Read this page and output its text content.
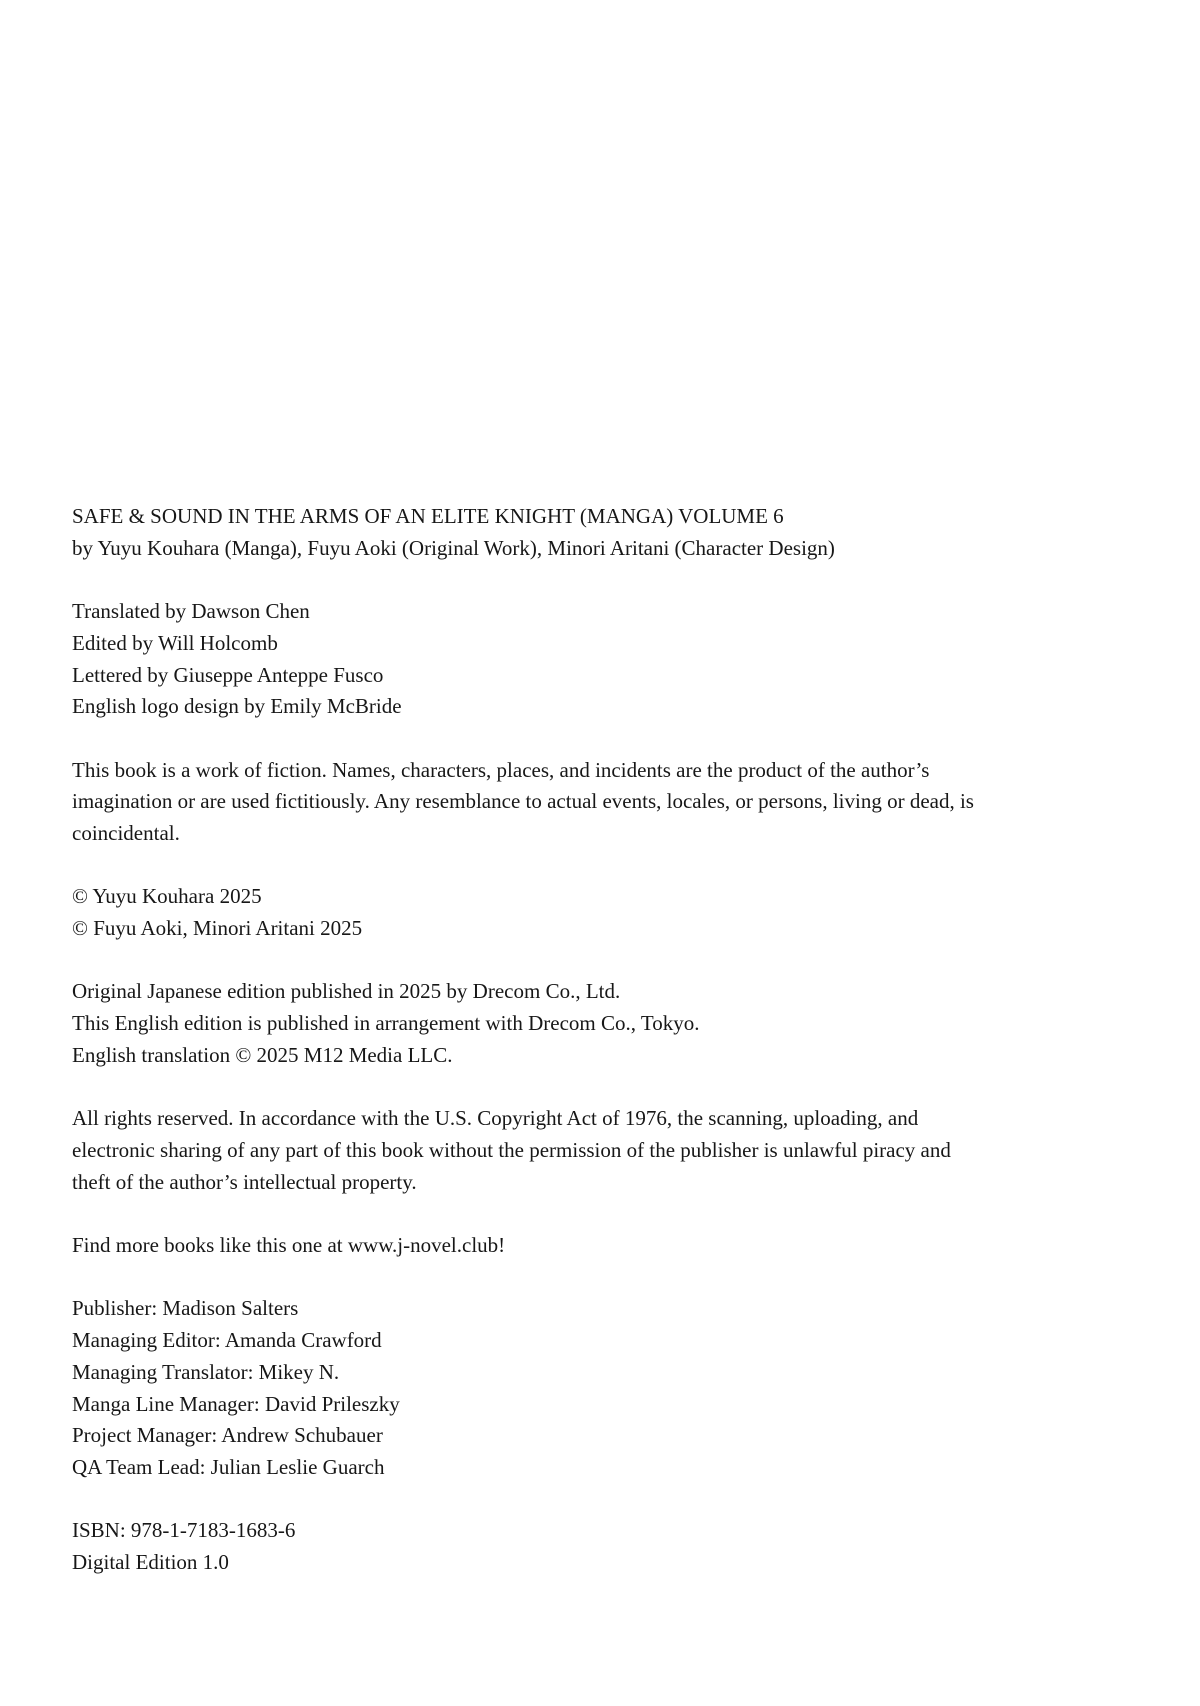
SAFE & SOUND IN THE ARMS OF AN ELITE KNIGHT (MANGA) VOLUME 6
by Yuyu Kouhara (Manga), Fuyu Aoki (Original Work), Minori Aritani (Character Design)

Translated by Dawson Chen
Edited by Will Holcomb
Lettered by Giuseppe Anteppe Fusco
English logo design by Emily McBride

This book is a work of fiction. Names, characters, places, and incidents are the product of the author’s imagination or are used fictitiously. Any resemblance to actual events, locales, or persons, living or dead, is coincidental.

© Yuyu Kouhara 2025
© Fuyu Aoki, Minori Aritani 2025

Original Japanese edition published in 2025 by Drecom Co., Ltd.
This English edition is published in arrangement with Drecom Co., Tokyo.
English translation © 2025 M12 Media LLC.

All rights reserved. In accordance with the U.S. Copyright Act of 1976, the scanning, uploading, and electronic sharing of any part of this book without the permission of the publisher is unlawful piracy and theft of the author’s intellectual property.

Find more books like this one at www.j-novel.club!

Publisher: Madison Salters
Managing Editor: Amanda Crawford
Managing Translator: Mikey N.
Manga Line Manager: David Prileszky
Project Manager: Andrew Schubauer
QA Team Lead: Julian Leslie Guarch

ISBN: 978-1-7183-1683-6
Digital Edition 1.0
